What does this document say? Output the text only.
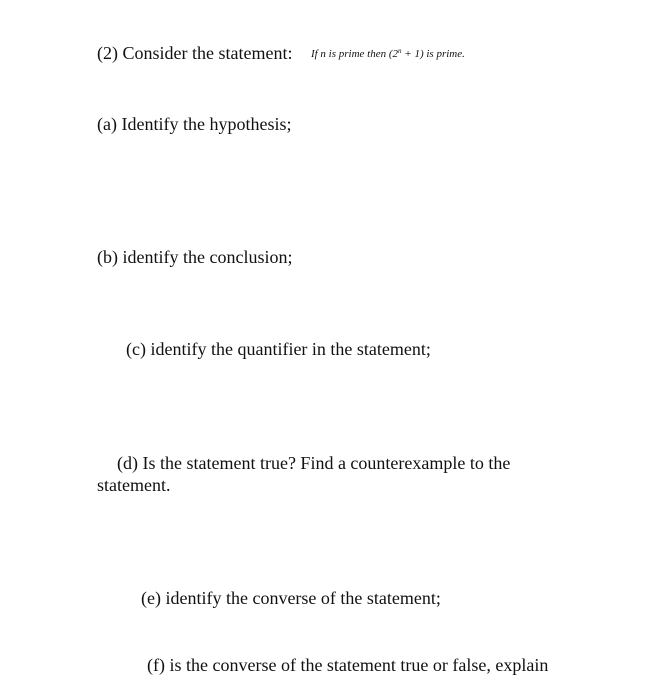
(2) Consider the statement: If n is prime then $(2^n + 1)$ is prime.
(a) Identify the hypothesis;
(b) identify the conclusion;
(c) identify the quantifier in the statement;
(d) Is the statement true? Find a counterexample to the
statement.
(e) identify the converse of the statement;
(f) is the converse of the statement true or false, explain
